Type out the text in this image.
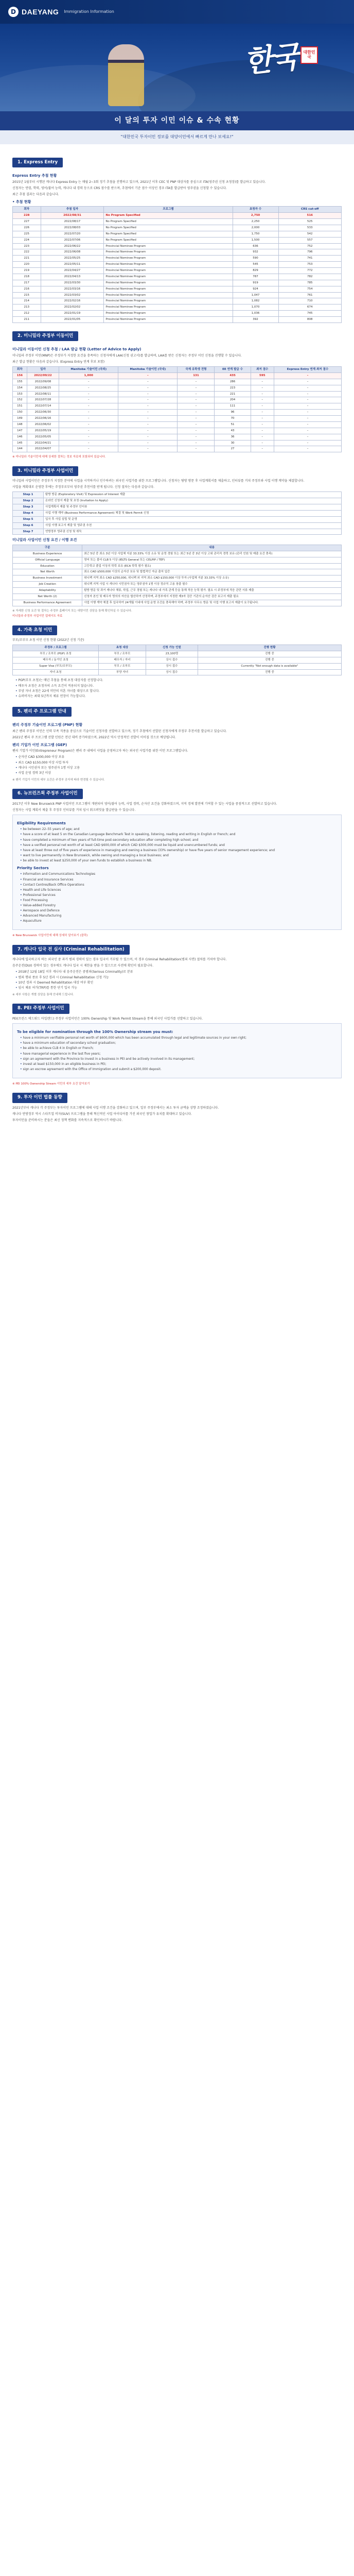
D DAEYANG Immigration Information
한국	대한민국
이 달의 투자 이민 이슈 & 수속 현황
"대한민국 투자이민 정보를 대양이민에서 빠르게 만나 보세요!"
1. Express Entry
Express Entry 추첨 현황

2015년 1월부터 시행된 캐나다 Express Entry 는 매월 2~3회 정기 추첨을 진행하고 있으며, 2021년 이후 CEC 및 PNP 대상자를 중심으로 ITA(영주권 신청 초청장)를 발급하고 있습니다.

신청자는 연령, 학력, 영어/불어 능력, 캐나다 내 경력 등으로 CRS 점수를 받으며, 추첨에서 기준 점수 이상인 경우 ITA를 발급받아 영주권을 신청할 수 있습니다.

최근 추첨 결과는 다음과 같습니다.

• 추첨 현황
회차	추첨 일자	프로그램	초청자 수	CRS cut-off
228	2022/08/31	No Program Specified	2,750	516
227	2022/08/17	No Program Specified	2,250	525
226	2022/08/03	No Program Specified	2,000	533
225	2022/07/20	No Program Specified	1,750	542
224	2022/07/06	No Program Specified	1,500	557
223	2022/06/22	Provincial Nominee Program	636	752
222	2022/06/08	Provincial Nominee Program	932	796
221	2022/05/25	Provincial Nominee Program	590	741
220	2022/05/11	Provincial Nominee Program	545	753
219	2022/04/27	Provincial Nominee Program	829	772
218	2022/04/13	Provincial Nominee Program	787	782
217	2022/03/30	Provincial Nominee Program	919	785
216	2022/03/16	Provincial Nominee Program	924	754
215	2022/03/02	Provincial Nominee Program	1,047	761
214	2022/02/16	Provincial Nominee Program	1,082	710
213	2022/02/02	Provincial Nominee Program	1,070	674
212	2022/01/19	Provincial Nominee Program	1,036	745
211	2022/01/05	Provincial Nominee Program	392	808
2. 미니밀라 주정부 이동이민
미니밀라 이동이민 신청 추첨 / LAA 발급 현황 (Letter of Advice to Apply)

미니밀라 주정부 이민(MNP)은 주정부가 지정한 요건을 충족하는 신청자에게 LAA(신청 권고서)를 발급하며, LAA를 받은 신청자는 주정부 이민 신청을 진행할 수 있습니다.

최근 발급 현황은 다음과 같습니다. (Express Entry 연계 후보 포함)

회차	일자	Manitoba 기술이민 (국외)	Manitoba 기술이민 (국내)	국제 유학생 전형	EE 연계 발급 수	최저 점수	Express Entry 연계 최저 점수
156	2022/09/22	1,000	–	131	435	595	–
155	2022/09/08	–	–	–	286	–	–
154	2022/08/25	–	–	–	223	–	–
153	2022/08/11	–	–	–	221	–	–
152	2022/07/28	–	–	–	204	–	–
151	2022/07/14	–	–	–	111	–	–
150	2022/06/30	–	–	–	96	–	–
149	2022/06/16	–	–	–	70	–	–
148	2022/06/02	–	–	–	51	–	–
147	2022/05/19	–	–	–	43	–	–
146	2022/05/05	–	–	–	36	–	–
145	2022/04/21	–	–	–	30	–	–
144	2022/04/07	–	–	–	27	–	–

※ 미니밀라 기술이민에 대해 상세한 절차는 정보 자료에 포함되어 있습니다.

3. 미니밀라 주정부 사업이민

미니밀라 사업이민은 주정부가 지정한 분야에 사업을 시작하거나 인수하려는 외국인 사업가를 위한 프로그램입니다. 신청자는 탐방 방문 후 사업계획서를 제출하고, 인터뷰를 거쳐 주정부와 사업 이행 계약을 체결합니다.

사업을 계획대로 운영한 후에는 주정부로부터 영주권 추천서를 받게 됩니다. 신청 절차는 다음과 같습니다.

Step 1	탐방 방문 (Exploratory Visit) 및 Expression of Interest 제출
Step 2	온라인 신청서 제출 및 초청 (Invitation to Apply)
Step 3	사업계획서 제출 및 주정부 인터뷰
Step 4	사업 이행 계약 (Business Performance Agreement) 체결 및 Work Permit 신청
Step 5	입국 후 사업 설립 및 운영
Step 6	사업 이행 보고서 제출 및 영주권 추천
Step 7	연방정부 영주권 신청 및 취득
미니밀라 사업이민 신청 요건 / 이행 조건
구분	내용
Business Experience	최근 5년 중 최소 3년 이상 사업체 지분 33.33% 이상 소유 및 운영 경험 또는 최근 5년 중 3년 이상 고위 관리직 경력 보유 (관리 인원 및 매출 요건 충족)
Official Language	영어 또는 불어 CLB 5 이상 (IELTS General 또는 CELPIP / TEF)
Education	고등학교 졸업 이상의 학력 보유 (ECA 학력 평가 필요)
Net Worth	최소 CAD $500,000 이상의 순자산 보유 및 합법적인 자금 출처 입증
Business Investment	위니펙 지역 최소 CAD $250,000, 위니펙 외 지역 최소 CAD $150,000 이상 투자 (사업체 지분 33.33% 이상 소유)
Job Creation	위니펙 지역 사업 시 캐나다 시민권자 또는 영주권자 1명 이상 정규직 고용 창출 필수
Adaptability	탐방 방문 및 과거 캐나다 체류, 학업, 근무 경험 또는 캐나다 내 가족 관계 등을 통해 적응 능력 평가. 필요 시 주정부에 적응 관련 서류 제출
Net Worth (2)	신청자 본인 및 배우자 명의의 자산을 합산하여 산정하며, 주정부에서 지정한 제3자 검증 기관의 순자산 검증 보고서 제출 필요
Business Performance Agreement	사업 이행 계약 체결 후 입국하여 24개월 이내에 사업 운영 조건을 충족해야 하며, 주정부 사무소 방문 및 사업 이행 보고서 제출이 요구됩니다.

※ 자세한 신청 요건 및 절차는 주정부 홈페이지 또는 대양이민 상담을 통해 확인하실 수 있습니다.

미니밀라 주정부 사업이민 업데이트 자료

4. 가족 초청 이민

부모/조부모 초청 이민 신청 현황 (2022년 신청 기준)

주정부 / 프로그램	초청 대상	신청 가능 인원	진행 현황
부모 / 조부모 (PGP) 초청	부모 / 조부모	23,100명	진행 중
배우자 / 동거인 초청	배우자 / 자녀	상시 접수	진행 중
Super Visa (부모/조부모)	부모 / 조부모	상시 접수	Currently "Not enough data is available"
자녀 초청	부양 자녀	상시 접수	진행 중
• PGP(부모 초청)는 매년 추첨을 통해 초청 대상자를 선정합니다.
• 배우자 초청은 초청자의 소득 요건이 적용되지 않습니다.
• 부양 자녀 초청은 22세 미만의 미혼 자녀를 대상으로 합니다.
• 슈퍼비자는 최대 5년까지 체류 연장이 가능합니다.
5. 펜리 주 프로그램 안내
펜리 주정부 기술이민 프로그램 (PNP) 현황

최근 펜리 주정부 이민은 인력 부족 직종을 중심으로 기술이민 신청자를 선발하고 있으며, 정기 추첨에서 선발된 신청자에게 주정부 추천서를 발급하고 있습니다.

2021년 펜리 주 프로그램 선발 인원은 전년 대비 증가하였으며, 2022년 역시 안정적인 선발이 이어질 것으로 예상됩니다.

펜리 기업가 이민 프로그램 (GEP)

펜리 기업가 이민(Entrepreneur Program)은 펜리 주 내에서 사업을 운영하고자 하는 외국인 사업가를 위한 이민 프로그램입니다.

• 순자산 CAD $300,000 이상 보유
• 최소 CAD $150,000 이상 사업 투자
• 캐나다 시민권자 또는 영주권자 1명 이상 고용
• 사업 운영 경력 3년 이상

※ 펜리 기업가 이민의 세부 요건은 주정부 공지에 따라 변경될 수 있습니다.

6. 뉴브런즈윅 주정부 사업이민

2017년 이후 New Brunswick PNP 사업이민 프로그램이 개편되어 영어/불어 능력, 사업 경력, 순자산 요건을 강화하였으며, 지역 경제 발전에 기여할 수 있는 사업을 중점적으로 선발하고 있습니다.

신청자는 사업 계획서 제출 후 주정부 인터뷰를 거쳐 임시 워크퍼밋을 발급받을 수 있습니다.

Eligibility Requirements
• be between 22–55 years of age; and
• have a score of at least 5 on the Canadian Language Benchmark Test in speaking, listening, reading and writing in English or French; and
• have completed a minimum of two years of full-time post-secondary education after completing high school; and
• have a verified personal net worth of at least CAD $600,000 of which CAD $300,000 must be liquid and unencumbered funds; and
• have at least three out of five years of experience in managing and owning a business (33% ownership) or have five years of senior management experience; and
• want to live permanently in New Brunswick, while owning and managing a local business; and
• be able to invest at least $250,000 of your own funds to establish a business in NB.
Priority Sectors
• Information and Communications Technologies
• Financial and Insurance Services
• Contact Centres/Back Office Operations
• Health and Life Sciences
• Professional Services
• Food Processing
• Value-added Forestry
• Aerospace and Defence
• Advanced Manufacturing
• Aquaculture

※ New Brunswick 사업이민에 대해 상세히 알아보기 (클릭)

7. 캐나다 입국 전 심사 (Criminal Rehabilitation)

캐나다에 입국하고자 하는 외국인 중 과거 범죄 경력이 있는 경우 입국이 거부될 수 있으며, 이 경우 Criminal Rehabilitation(범죄 사면) 절차를 거쳐야 합니다.

음주운전(DUI) 경력이 있는 경우에도 캐나다 입국 시 제한을 받을 수 있으므로 사전에 확인이 필요합니다.

• 2018년 12월 18일 이후 캐나다 내 음주운전은 중범죄(Serious Criminality)로 분류
• 범죄 행위 종료 후 5년 경과 시 Criminal Rehabilitation 신청 가능
• 10년 경과 시 Deemed Rehabilitation 대상 여부 확인
• 임시 체류 허가(TRP)를 통한 단기 입국 가능

※ 세부 사항은 개별 상담을 통해 안내해 드립니다.

8. PEI 주정부 사업이민

PEI(프린스 에드워드 아일랜드) 주정부 사업이민은 100% Ownership 및 Work Permit Stream을 통해 외국인 사업가를 선발하고 있습니다.

To be eligible for nomination through the 100% Ownership stream you must:
• have a minimum verifiable personal net worth of $600,000 which has been accumulated through legal and legitimate sources in your own right;
• have a minimum education of secondary school graduation;
• be able to achieve CLB 4 in English or French;
• have managerial experience in the last five years;
• sign an agreement with the Province to invest in a business in PEI and be actively involved in its management;
• invest at least $150,000 in an eligible business in PEI;
• sign an escrow agreement with the Office of Immigration and submit a $200,000 deposit.

※ PEI 100% Ownership Stream 이민의 세부 요건 알아보기

9. 투자 이민 법률 동향

2021년부터 캐나다 각 주정부는 투자이민 프로그램에 대해 사업 이행 조건을 강화하고 있으며, 일부 주정부에서는 최소 투자 금액을 상향 조정하였습니다.

캐나다 연방정부 역시 스타트업 비자(SUV) 프로그램을 통해 혁신적인 사업 아이디어를 가진 외국인 창업가 유치를 확대하고 있습니다.

투자이민을 준비하시는 분들은 최신 정책 변화를 지속적으로 확인하시기 바랍니다.
